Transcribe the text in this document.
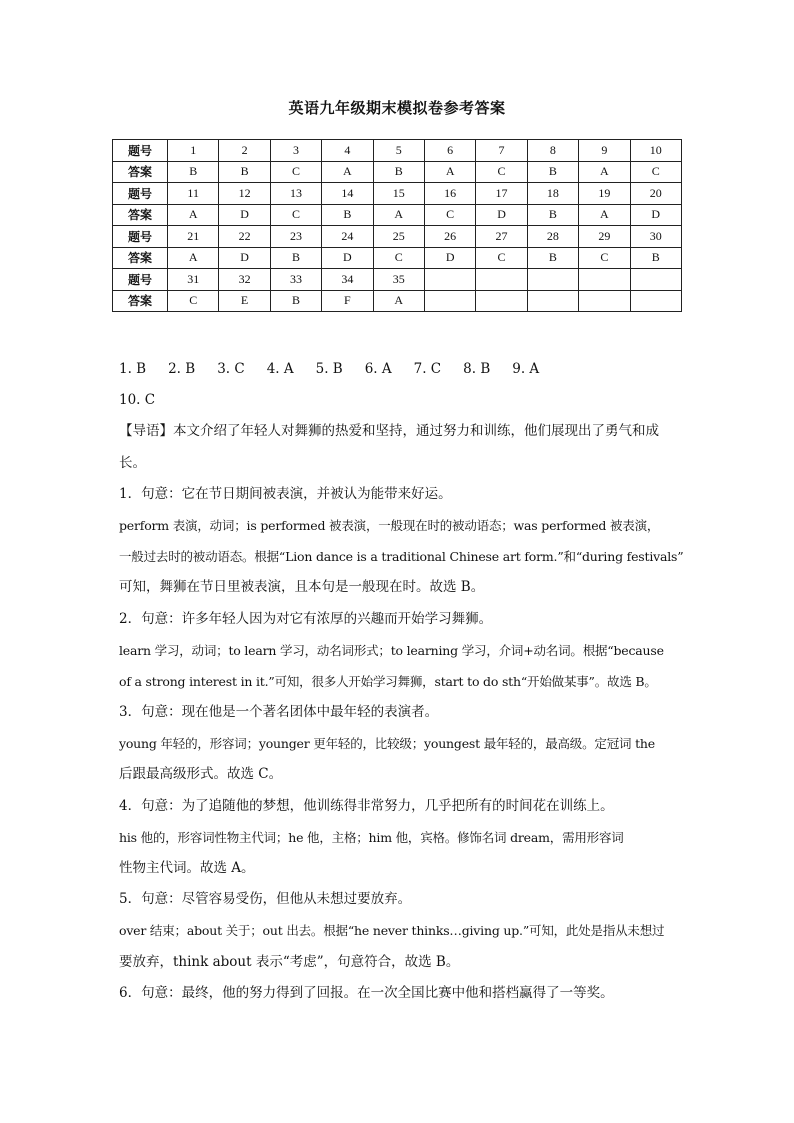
英语九年级期末模拟卷参考答案
题号	1	2	3	4	5	6	7	8	9	10
答案	B	B	C	A	B	A	C	B	A	C
题号	11	12	13	14	15	16	17	18	19	20
答案	A	D	C	B	A	C	D	B	A	D
题号	21	22	23	24	25	26	27	28	29	30
答案	A	D	B	D	C	D	C	B	C	B
题号	31	32	33	34	35					
答案	C	E	B	F	A					
1. B 2. B 3. C 4. A 5. B 6. A 7. C 8. B 9. A
10. C
【导语】本文介绍了年轻人对舞狮的热爱和坚持，通过努力和训练，他们展现出了勇气和成
长。
1．句意：它在节日期间被表演，并被认为能带来好运。
perform 表演，动词；is performed 被表演，一般现在时的被动语态；was performed 被表演，
一般过去时的被动语态。根据“Lion dance is a traditional Chinese art form.”和“during festivals”
可知，舞狮在节日里被表演，且本句是一般现在时。故选 B。
2．句意：许多年轻人因为对它有浓厚的兴趣而开始学习舞狮。
learn 学习，动词；to learn 学习，动名词形式；to learning 学习，介词+动名词。根据“because
of a strong interest in it.”可知，很多人开始学习舞狮，start to do sth“开始做某事”。故选 B。
3．句意：现在他是一个著名团体中最年轻的表演者。
young 年轻的，形容词；younger 更年轻的，比较级；youngest 最年轻的，最高级。定冠词 the
后跟最高级形式。故选 C。
4．句意：为了追随他的梦想，他训练得非常努力，几乎把所有的时间花在训练上。
his 他的，形容词性物主代词；he 他，主格；him 他，宾格。修饰名词 dream，需用形容词
性物主代词。故选 A。
5．句意：尽管容易受伤，但他从未想过要放弃。
over 结束；about 关于；out 出去。根据“he never thinks…giving up.”可知，此处是指从未想过
要放弃，think about 表示“考虑”，句意符合，故选 B。
6．句意：最终，他的努力得到了回报。在一次全国比赛中他和搭档赢得了一等奖。
